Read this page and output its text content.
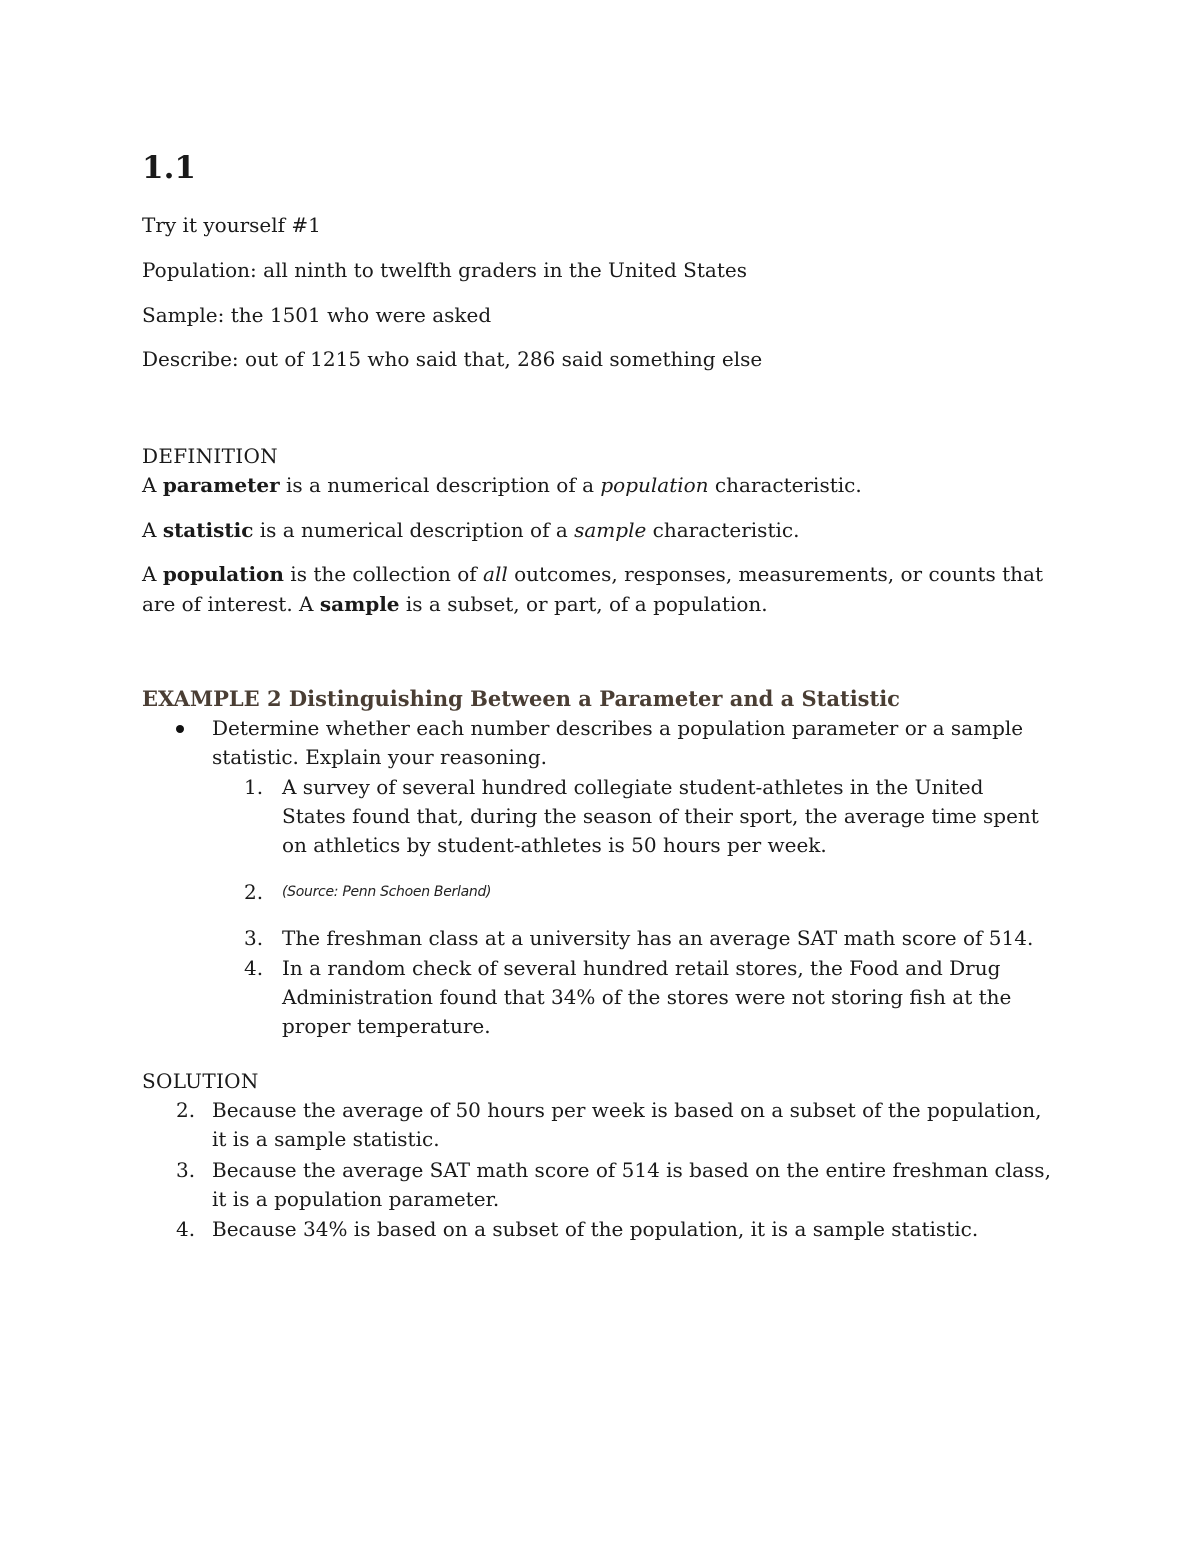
1.1

Try it yourself #1

Population: all ninth to twelfth graders in the United States

Sample: the 1501 who were asked

Describe: out of 1215 who said that, 286 said something else

DEFINITION

A parameter is a numerical description of a population characteristic.

A statistic is a numerical description of a sample characteristic.

A population is the collection of all outcomes, responses, measurements, or counts that are of interest. A sample is a subset, or part, of a population.

EXAMPLE 2 Distinguishing Between a Parameter and a Statistic

Determine whether each number describes a population parameter or a sample statistic. Explain your reasoning.
1. A survey of several hundred collegiate student-athletes in the United States found that, during the season of their sport, the average time spent on athletics by student-athletes is 50 hours per week.
2. (Source: Penn Schoen Berland)
3. The freshman class at a university has an average SAT math score of 514.
4. In a random check of several hundred retail stores, the Food and Drug Administration found that 34% of the stores were not storing fish at the proper temperature.

SOLUTION

2. Because the average of 50 hours per week is based on a subset of the population, it is a sample statistic.
3. Because the average SAT math score of 514 is based on the entire freshman class, it is a population parameter.
4. Because 34% is based on a subset of the population, it is a sample statistic.
